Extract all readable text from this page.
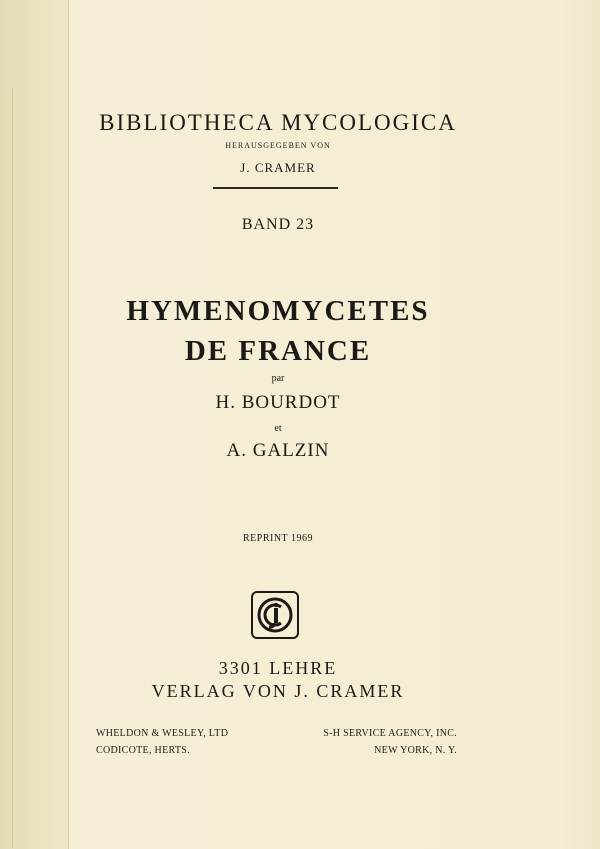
BIBLIOTHECA MYCOLOGICA
HERAUSGEGEBEN VON
J. CRAMER
BAND 23
HYMENOMYCETES
DE FRANCE
par
H. BOURDOT
et
A. GALZIN
REPRINT 1969
3301 LEHRE
VERLAG VON J. CRAMER
WHELDON & WESLEY, LTD
CODICOTE, HERTS.
S-H SERVICE AGENCY, INC.
NEW YORK, N. Y.
